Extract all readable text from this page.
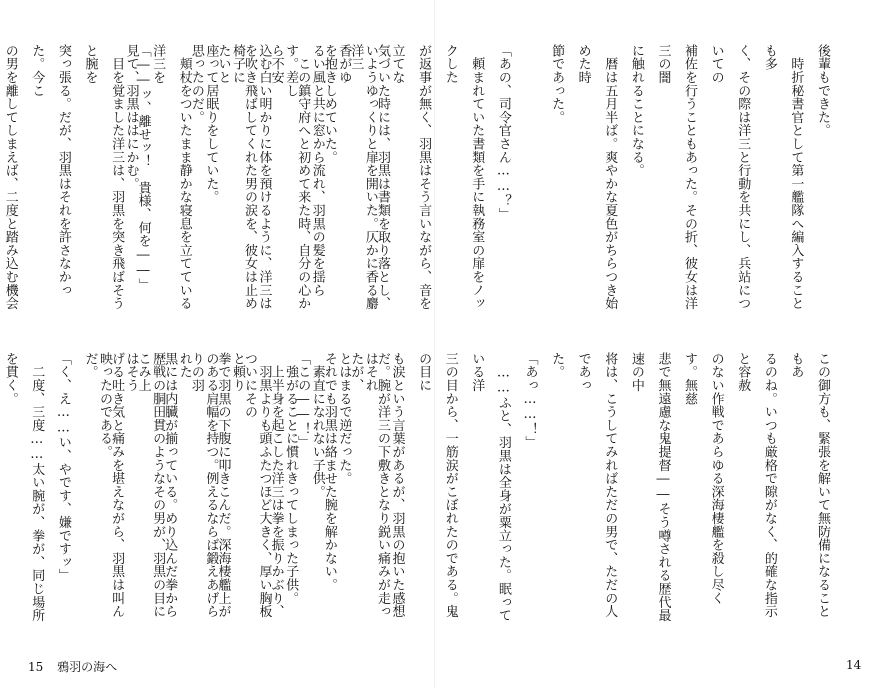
後輩もできた。

　時折秘書官として第一艦隊へ編入することも多

く、その際は洋三と行動を共にし、兵站についての

補佐を行うこともあった。その折、彼女は洋三の闇

に触れることになる。

　暦は五月半ば。爽やかな夏色がちらつき始めた時

節であった。

「あの、司令官さん……？」

　頼まれていた書類を手に執務室の扉をノックした

が返事が無く、羽黒はそう言いながら、音を立てな

いようゆっくりと扉を開いた。仄かに香る麝香がゆ

るい風と共に窓から流れ、羽黒の髪を揺らす。差し

込む白い明かりに体を預けるように、洋三は椅子に

座って居眠りをしていた。

　頬杖をついたまま静かな寝息を立てている洋三を

見て、羽黒ははにかむ。

この御方も、緊張を解いて無防備になることもあ

るのね。いつも厳格で隙がなく、的確な指示と容赦

のない作戦であらゆる深海棲艦を殺し尽くす。無慈

悲で無遠慮な鬼提督――そう噂される歴代最速の中

将は、こうしてみればただの男で、ただの人であっ

た。

「あっ……！」

　……ふと、羽黒は全身が粟立った。眠っている洋

三の目から、一筋涙がこぼれたのである。鬼の目に

も涙という言葉があるが、羽黒の抱いた感想はそれ

とはまるで逆だった。

　素直になれない子供。

　強がることに慣れきってしまった子供。

　羽黒よりも頭ふたつほど大きく、厚い胸板と頼り

のある肩幅を持つ。例えるならば鍛えあげられた

歴戦の胴田貫のようなその男が、羽黒の目にはそう

映ったのである。

気づいた時には、羽黒は書類を取り落とし、洋三

を抱きしめていた。

　この鎮守府へと初めて来た時、自分の心から不安

を吹き飛ばしてくれた男の涙を、彼女は止めたいと

思ったのだ。

「――ッ、離せッ！　貴様、何を――」

　目を覚ました洋三は、羽黒を突き飛ばそうと腕を

突っ張る。だが、羽黒はそれを許さなかった。今こ

の男を離してしまえば、二度と踏み込む機会

だ。腕が洋三の下敷きとなり鋭い痛みが走ったが、

それでも羽黒は絡ませた腕を解かない。

「この――！」

　上半身を起こした洋三は拳を振りかぶり、ついにその

拳で羽黒の下腹に叩きこんだ。深海棲艦上がりの羽

黒には内臓が揃っている。めり込んだ拳からこみ上

げる吐き気と痛みを堪えながら、羽黒は叫んだ。

「く、え……い、やです、嫌ですッ」

　二度、三度……太い腕が、拳が、同じ場所を貫く。

15 鴉羽の海へ	14
